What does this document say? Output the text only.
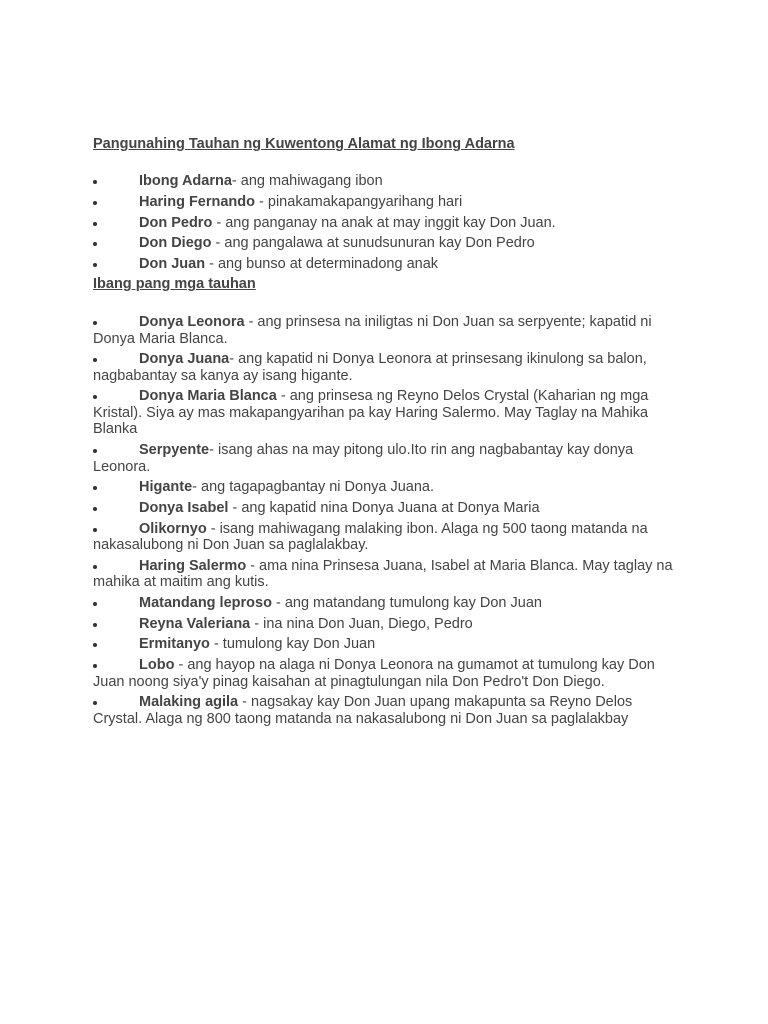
Pangunahing Tauhan ng Kuwentong Alamat ng Ibong Adarna
Ibong Adarna- ang mahiwagang ibon
Haring Fernando - pinakamakapangyarihang hari
Don Pedro - ang panganay na anak at may inggit kay Don Juan.
Don Diego - ang pangalawa at sunudsunuran kay Don Pedro
Don Juan - ang bunso at determinadong anak
Ibang pang mga tauhan
Donya Leonora - ang prinsesa na iniligtas ni Don Juan sa serpyente; kapatid ni Donya Maria Blanca.
Donya Juana- ang kapatid ni Donya Leonora at prinsesang ikinulong sa balon, nagbabantay sa kanya ay isang higante.
Donya Maria Blanca - ang prinsesa ng Reyno Delos Crystal (Kaharian ng mga Kristal). Siya ay mas makapangyarihan pa kay Haring Salermo. May Taglay na Mahika Blanka
Serpyente- isang ahas na may pitong ulo.Ito rin ang nagbabantay kay donya Leonora.
Higante- ang tagapagbantay ni Donya Juana.
Donya Isabel - ang kapatid nina Donya Juana at Donya Maria
Olikornyo - isang mahiwagang malaking ibon. Alaga ng 500 taong matanda na nakasalubong ni Don Juan sa paglalakbay.
Haring Salermo - ama nina Prinsesa Juana, Isabel at Maria Blanca. May taglay na mahika at maitim ang kutis.
Matandang leproso - ang matandang tumulong kay Don Juan
Reyna Valeriana - ina nina Don Juan, Diego, Pedro
Ermitanyo - tumulong kay Don Juan
Lobo - ang hayop na alaga ni Donya Leonora na gumamot at tumulong kay Don Juan noong siya'y pinag kaisahan at pinagtulungan nila Don Pedro't Don Diego.
Malaking agila - nagsakay kay Don Juan upang makapunta sa Reyno Delos Crystal. Alaga ng 800 taong matanda na nakasalubong ni Don Juan sa paglalakbay
